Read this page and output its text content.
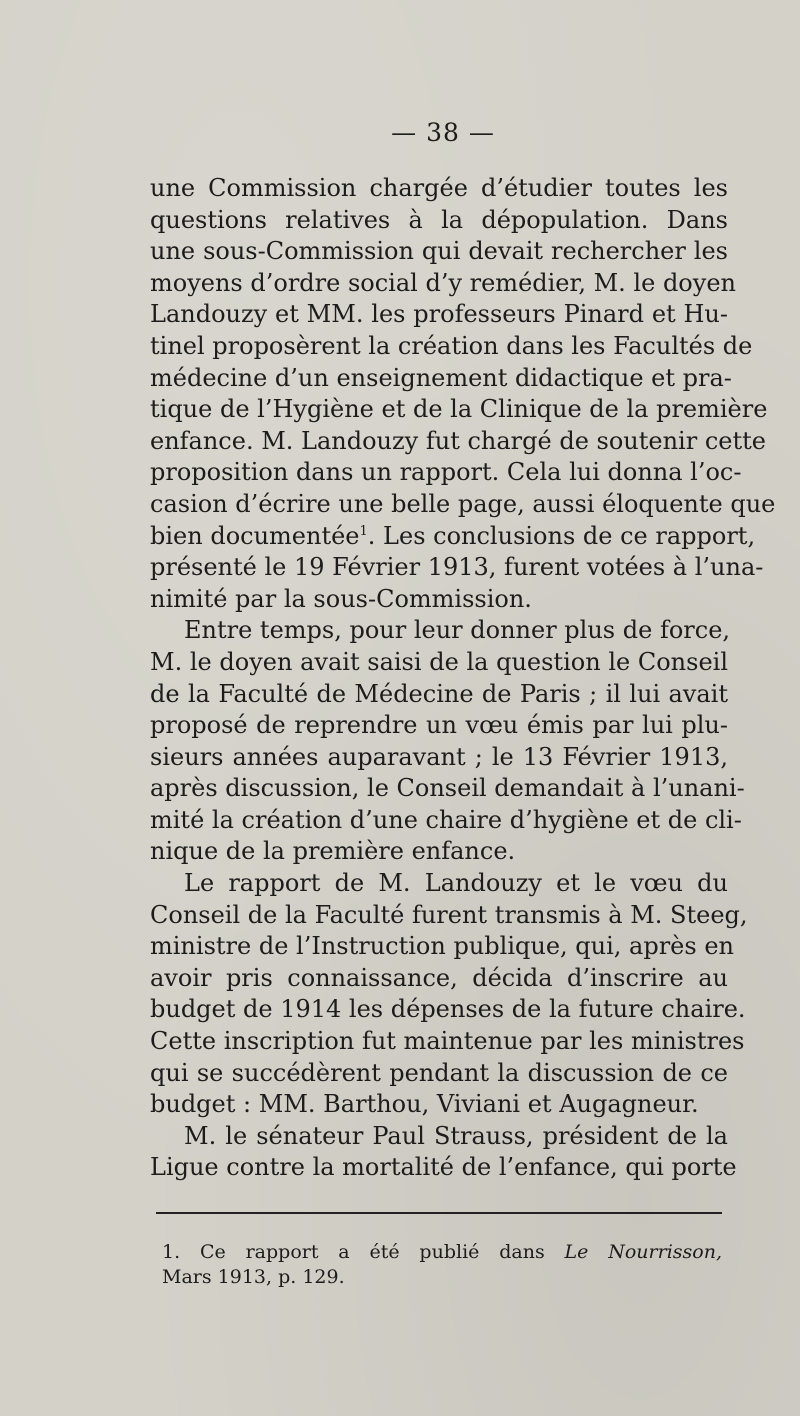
— 38 —
une Commission chargée d’étudier toutes les
questions relatives à la dépopulation. Dans
une sous-Commission qui devait rechercher les
moyens d’ordre social d’y remédier, M. le doyen
Landouzy et MM. les professeurs Pinard et Hu-
tinel proposèrent la création dans les Facultés de
médecine d’un enseignement didactique et pra-
tique de l’Hygiène et de la Clinique de la première
enfance. M. Landouzy fut chargé de soutenir cette
proposition dans un rapport. Cela lui donna l’oc-
casion d’écrire une belle page, aussi éloquente que
bien documentée$^1$. Les conclusions de ce rapport,
présenté le 19 Février 1913, furent votées à l’una-
nimité par la sous-Commission.
Entre temps, pour leur donner plus de force,
M. le doyen avait saisi de la question le Conseil
de la Faculté de Médecine de Paris ; il lui avait
proposé de reprendre un vœu émis par lui plu-
sieurs années auparavant ; le 13 Février 1913,
après discussion, le Conseil demandait à l’unani-
mité la création d’une chaire d’hygiène et de cli-
nique de la première enfance.
Le rapport de M. Landouzy et le vœu du
Conseil de la Faculté furent transmis à M. Steeg,
ministre de l’Instruction publique, qui, après en
avoir pris connaissance, décida d’inscrire au
budget de 1914 les dépenses de la future chaire.
Cette inscription fut maintenue par les ministres
qui se succédèrent pendant la discussion de ce
budget : MM. Barthou, Viviani et Augagneur.
M. le sénateur Paul Strauss, président de la
Ligue contre la mortalité de l’enfance, qui porte
1. Ce rapport a été publié dans Le Nourrisson,
Mars 1913, p. 129.
